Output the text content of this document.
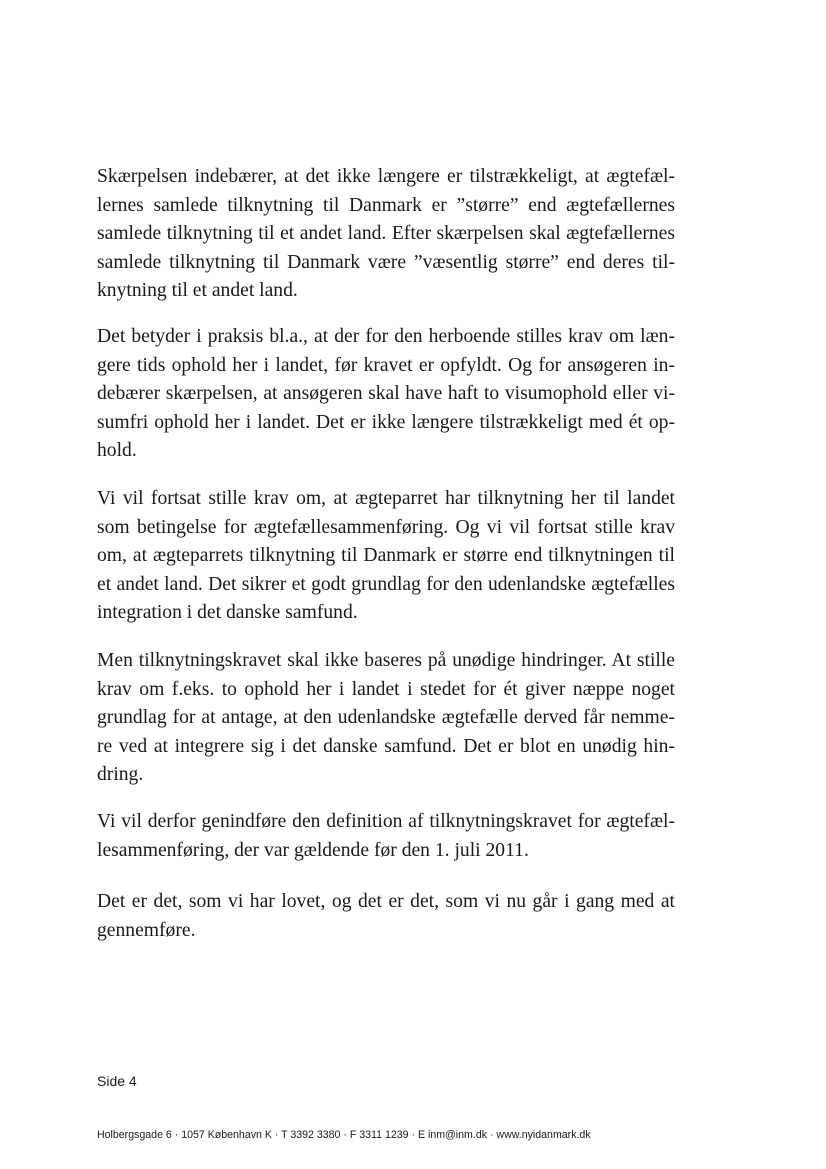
Skærpelsen indebærer, at det ikke længere er tilstrækkeligt, at ægtefæl-
lernes samlede tilknytning til Danmark er ”større” end ægtefællernes
samlede tilknytning til et andet land. Efter skærpelsen skal ægtefællernes
samlede tilknytning til Danmark være ”væsentlig større” end deres til-
knytning til et andet land.
Det betyder i praksis bl.a., at der for den herboende stilles krav om læn-
gere tids ophold her i landet, før kravet er opfyldt. Og for ansøgeren in-
debærer skærpelsen, at ansøgeren skal have haft to visumophold eller vi-
sumfri ophold her i landet. Det er ikke længere tilstrækkeligt med ét op-
hold.
Vi vil fortsat stille krav om, at ægteparret har tilknytning her til landet
som betingelse for ægtefællesammenføring. Og vi vil fortsat stille krav
om, at ægteparrets tilknytning til Danmark er større end tilknytningen til
et andet land. Det sikrer et godt grundlag for den udenlandske ægtefælles
integration i det danske samfund.
Men tilknytningskravet skal ikke baseres på unødige hindringer. At stille
krav om f.eks. to ophold her i landet i stedet for ét giver næppe noget
grundlag for at antage, at den udenlandske ægtefælle derved får nemme-
re ved at integrere sig i det danske samfund. Det er blot en unødig hin-
dring.
Vi vil derfor genindføre den definition af tilknytningskravet for ægtefæl-
lesammenføring, der var gældende før den 1. juli 2011.
Det er det, som vi har lovet, og det er det, som vi nu går i gang med at
gennemføre.

Side 4

Holbergsgade 6 · 1057 København K · T 3392 3380 · F 3311 1239 · E inm@inm.dk · www.nyidanmark.dk
